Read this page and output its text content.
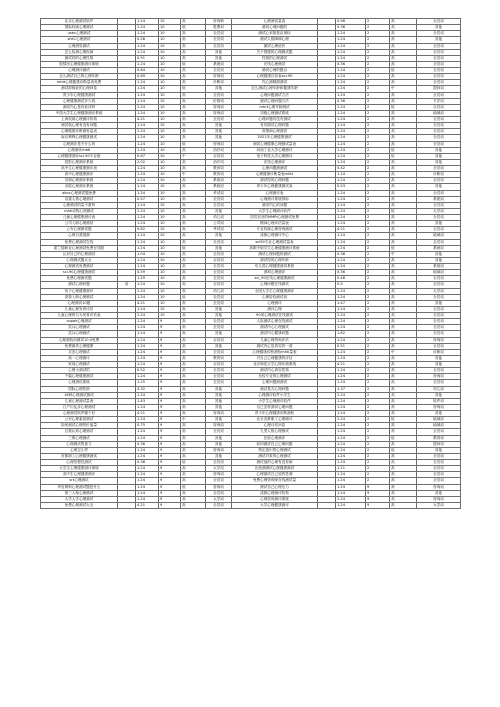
北京心理测试软件		1.24	10	高	咨询师	心理测试量表		0.98	2	高	全员词
国际权威心理测试		1.24	10	低	股票训	测试心理问题的		0.36	2	高	其他
usec心理测试		1.24	10	高	全员词	测试心率都是由指标		1.24	2	高	全员词
sfrtC心理测试		0.58	10	高	全员词	测试人格障碍心理		1.24	2	高	其他
心理测验测试		1.24	10	高	全员词	测试心理症状		1.24	2	高	全员词
怎么检测心理疾病		1.24	10	高	其他	关于情感的心理测试题		1.24	2	高	全员词
测试你的心理性格		0.91	10	高	其他	性格的心理测试		1.24	2	高	全员词
很情况心理健康测评系统		1.24	10	低	系统词	在线心理测试		0.36	2	高	全员词
心理测评测试		0.64	10	高	全员词	测试心理的题目		1.24	2	低	全员词
怎么测试自己的心理年龄		0.69	10	高	咨询词	心理健康自检表scl-90		1.24	2	高	全员词
mhtt心理健康诊断量表免费		1.24	10	高	诊断词	内心测精测测试		1.24	2	高	全员词
测试抑郁症的心理问卷		1.24	10	低	其他	怎么测试心理年龄和健康年龄		1.24	2	中	提问词
青少年心理健康测试		1.24	10	高	全员词	心理问题测试方法		1.24	2	高	全员词
心理健康测试多少钱		1.24	10	高	价格词	测试心理问题方法		0.36	2	高	方法词
测试内心是有症状吗		1.24	10	高	咨询词	mhrt心理年龄测试		1.24	2	低	全员词
中国大学生心理健康测评系统		1.24	10	高	咨询词	初级心理测试系统		1.24	2	高	地域词
上海权威心理测评机构		4.21	10	高	全员词	心理问题有没有测试		1.24	2	高	全员词
测试他心理有没有问题		1.24	10	高	其他	有效测试心理问题		1.24	2	高	全员词
心理健康诊断测验量表		1.24	10	高	其他	高情商心理测试		1.24	2	高	全员词
南京利利心理健康测试		1.24	10	高	其他	2021年心理健康测试		1.24	2	高	全员词
心理测评是不什么的		1.24	10	低	咨询词	测试心理健康心理测试量表		1.24	2	高	全员词
心理测评mbti		1.24	10	高	治疗词	河南工业大学心理测评		1.24	2	低	其他
心理健康测评scl-90专业版		0.67	10	中	全员词	电子科技大学心理测评		1.24	2	低	其他
投影心理测评系统		2.02	10	高	治疗词	在线心理测评		1.24	2	高	其他
高中生心理健康测评表		1.24	10	高	教育词	心理问题测测试		0.42	2	高	全员词
高中心理健康测评		1.24	10	中	教育词	心理健康诊断量表mhtt		1.24	2	高	诊断词
员职心理测评系统		1.24	10	高	系统词	测试你的心理问题		1.24	2	高	全员词
出院心理测评系统		1.24	10	高	系统词	青少年心理健康测试表		0.53	2	高	其他
aboc心理测试题免费		1.24	10	高	考试词	心理测评表		1.24	2	高	全员词
双重人格心理测试		0.57	10	高	全员词	心理测评系统排标		1.24	2	高	系统词
心理测试的量不重吗		1.24	10	高	全员词	测试内心的问题		1.24	2	高	全员词
mhti动物心理测试		1.24	10	高	其他	大学生心理测评软件		1.24	2	低	大学词
儿童心理健康测评表		1.24	10	高	幼儿词	初员状况的MMPI心理测试免费		1.24	2	高	全员词
公司入职心理测试		1.24	10	高	公司词	精神心理评估量表		1.24	2	高	其他
公安心理测试题		0.82	10	高	考试词	专业权威心理咨询测试		4.21	2	高	全员词
心理自我提测		1.24	10	高	其他	成都心理测评中心		1.24	2	高	地域词
免费心理测试在线		1.24	10	高	全员词	scl90专业心理测试量表		1.24	2	高	全员词
霍兰德职业心理测试免费在线版		1.24	10	低	其他	高职中职学生心理健康测评系统		1.24	2	低	系统词
认识自己的心理测试		1.04	10	高	全员词	测试心理问题的测试		0.36	2	中	其他
心理测试题大全		1.24	10	高	全员词	测试你的心理年龄		1.24	2	高	其他
心理测试免费测试		1.24	10	高	全员词	幼儿园心理健康测试系统		1.24	2	高	系统词
scl-90心理健康测试		0.59	10	高	全员词	深圳心理测评		0.36	2	高	地域词
免费心理测试题		1.29	10	高	全员词	scl_90在线心理健康测试		0.48	2	高	全员词
测试心理问题	高	1.24	10	高	全员词	心理问题在线测试		0.5	2	高	全员词
孩子心理健康测评		1.24	10	高	幼儿词	全国大学生心理健康测评		1.24	2	高	大学词
高校入职心理测试		1.24	10	低	全员词	心理检验测试表		1.24	2	高	全员词
心理测试10题		4.21	10	高	全员词	心理测评		1.47	2	高	其他
儿童心理发育评估		1.24	10	高	其他	测评心理		1.24	2	高	全员词
儿童心理的行为发育评估表		1.24	10	高	其他	90项心理测试在线测试		1.24	2	高	全员词
copak心理测试		1.24	9	高	全员词	人际测试心理在线测试		1.24	2	高	全员词
抗兵心理测试		1.24	9	高	全员词	测试内心心理测试		1.24	2	高	全员词
抗兵心理测试		1.24	9	高	其他	测试内心健康问题		1.82	2	高	全员词
心理测验前测试10.0免费		1.24	9	高	全员词	儿童心理咨询评估		1.24	2	高	咨询词
免费测试心理健康		1.24	9	高	其他	测试内心是真实的一面		0.51	2	高	全员词
自恋心理测试		1.24	9	高	全员词	心理健康诊断测验mhti量表		1.24	2	中	诊断词
高一心理测评		1.24	9	高	教育词	对自己心理健康的评估		1.24	2	高	其他
家庭心理测试		1.24	9	高	全员词	北京师范大学心理评测系统		4.21	2	高	其他
心理小测试的		0.52	9	高	全员词	测试内心真实性格		1.24	2	高	全员词
千篇心理健康测试		1.24	9	高	全员词	比较专业的心理测试		1.24	2	高	咨询词
心理测试系统		1.25	9	高	全员词	心理问题测测试		1.24	2	高	全员词
国际心理性格		3.32	9	高	其他	测试是否心理问题		1.37	2	高	幼儿词
16种心理测试测试		1.24	9	高	其他	心理测评软件小学生		1.24	2	高	其他
儿童心理测试量表		1.43	9	高	其他	小学生心理测评软件		1.24	2	高	软件词
江户川乱步心理测试		1.24	9	高	其他	自己怎样测试心理问题		1.24	2	高	咨询词
心理测试软件哪个好		4.21	9	高	咨询词	青少年心理健康诊断测验		1.24	2	高	其他
公安心理素质测试		1.24	9	中	其他	北京首都职工心理测评		1.24	2	低	地域词
如何测试心理的价值量		0.75	9	高	咨询词	心理评估问卷		1.24	2	高	地域词
自我认知心理测试		1.24	9	高	全员词	九型人格心理测试		1.24	2	高	全员词
三维心理测试		1.24	9	高	其他	比较心理测评		1.24	2	低	教育词
心理测试的意义		0.36	9	高	其他	如何测试自己心理问题		1.24	2	高	提问词
心理怎么样		1.24	9	高	咨询词	特定意识的心理测试		1.24	2	低	其他
首都职工心理健康测试		1.24	9	高	其他	测试对象的心理测试		1.24	2	高	全员词
心理坚强性测试		0.36	9	低	全员词	测试他的心理有没有病		1.24	2	高	全员词
大学生心理健康测评系统		1.24	9	高	大学词	比较测测试心理健康测试		1.11	2	高	全员词
高中生心理健康测评		1.24	9	高	咨询词	心理测试自己说的答测		1.24	2	高	全员词
srt心理测试		1.24	9	高	全员词	免费心理咨询师在线测试量		1.24	2	高	全员词
军官网科心理测试题是什么		1.24	9	低	咨询词	测试自己心理压力		1.24	9	高	咨询词
第三人格心理测试		1.24	9	高	全员词	成都心理测评机构		1.24	9	高	其他
大学人学心理测试		1.24	9	高	大学词	心理咨询测评系统		1.24	9	高	咨询词
免费心理测试大全		4.21	9	高	全员词	大学心理健康测评		1.24	9	高	大学词
